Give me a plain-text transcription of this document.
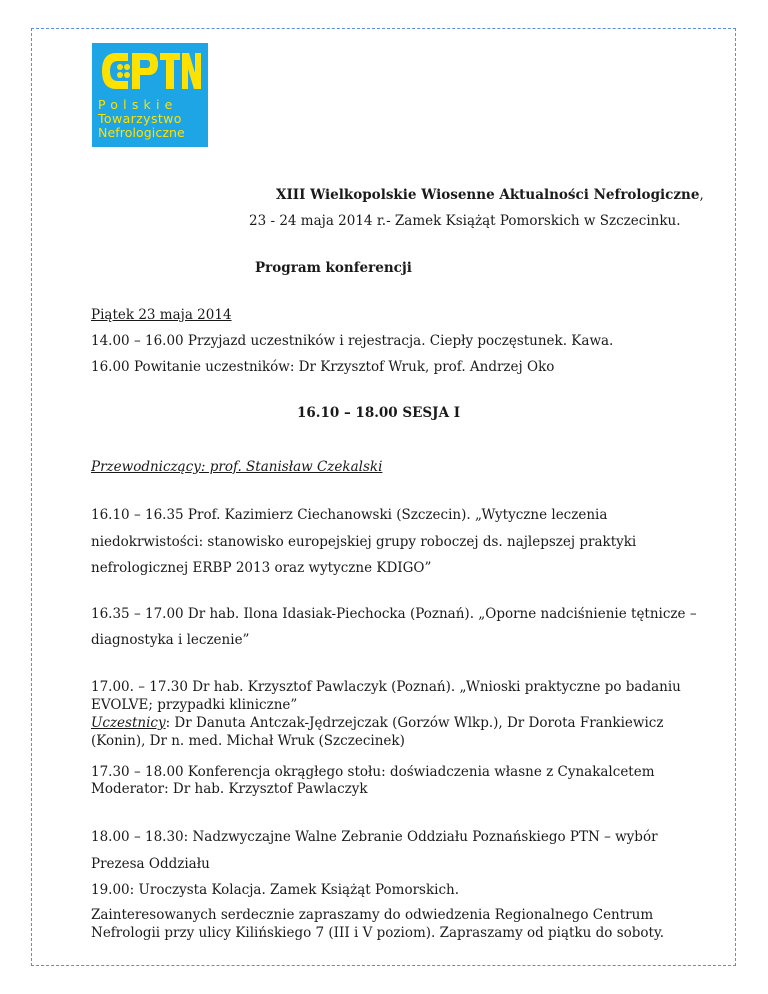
Polskie
Towarzystwo
Nefrologiczne
XIII Wielkopolskie Wiosenne Aktualności Nefrologiczne,
23 - 24 maja 2014 r.- Zamek Książąt Pomorskich w Szczecinku.
Program konferencji
Piątek 23 maja 2014
14.00 – 16.00 Przyjazd uczestników i rejestracja. Ciepły poczęstunek. Kawa.
16.00 Powitanie uczestników: Dr Krzysztof Wruk, prof. Andrzej Oko
16.10 – 18.00 SESJA I
Przewodniczący: prof. Stanisław Czekalski
16.10 – 16.35 Prof. Kazimierz Ciechanowski (Szczecin). „Wytyczne leczenia
niedokrwistości: stanowisko europejskiej grupy roboczej ds. najlepszej praktyki
nefrologicznej ERBP 2013 oraz wytyczne KDIGO”
16.35 – 17.00 Dr hab. Ilona Idasiak-Piechocka (Poznań). „Oporne nadciśnienie tętnicze –
diagnostyka i leczenie”
17.00. – 17.30 Dr hab. Krzysztof Pawlaczyk (Poznań). „Wnioski praktyczne po badaniu
EVOLVE; przypadki kliniczne”
Uczestnicy: Dr Danuta Antczak-Jędrzejczak (Gorzów Wlkp.), Dr Dorota Frankiewicz
(Konin), Dr n. med. Michał Wruk (Szczecinek)
17.30 – 18.00 Konferencja okrągłego stołu: doświadczenia własne z Cynakalcetem
Moderator: Dr hab. Krzysztof Pawlaczyk
18.00 – 18.30: Nadzwyczajne Walne Zebranie Oddziału Poznańskiego PTN – wybór
Prezesa Oddziału
19.00: Uroczysta Kolacja. Zamek Książąt Pomorskich.
Zainteresowanych serdecznie zapraszamy do odwiedzenia Regionalnego Centrum
Nefrologii przy ulicy Kilińskiego 7 (III i V poziom). Zapraszamy od piątku do soboty.
